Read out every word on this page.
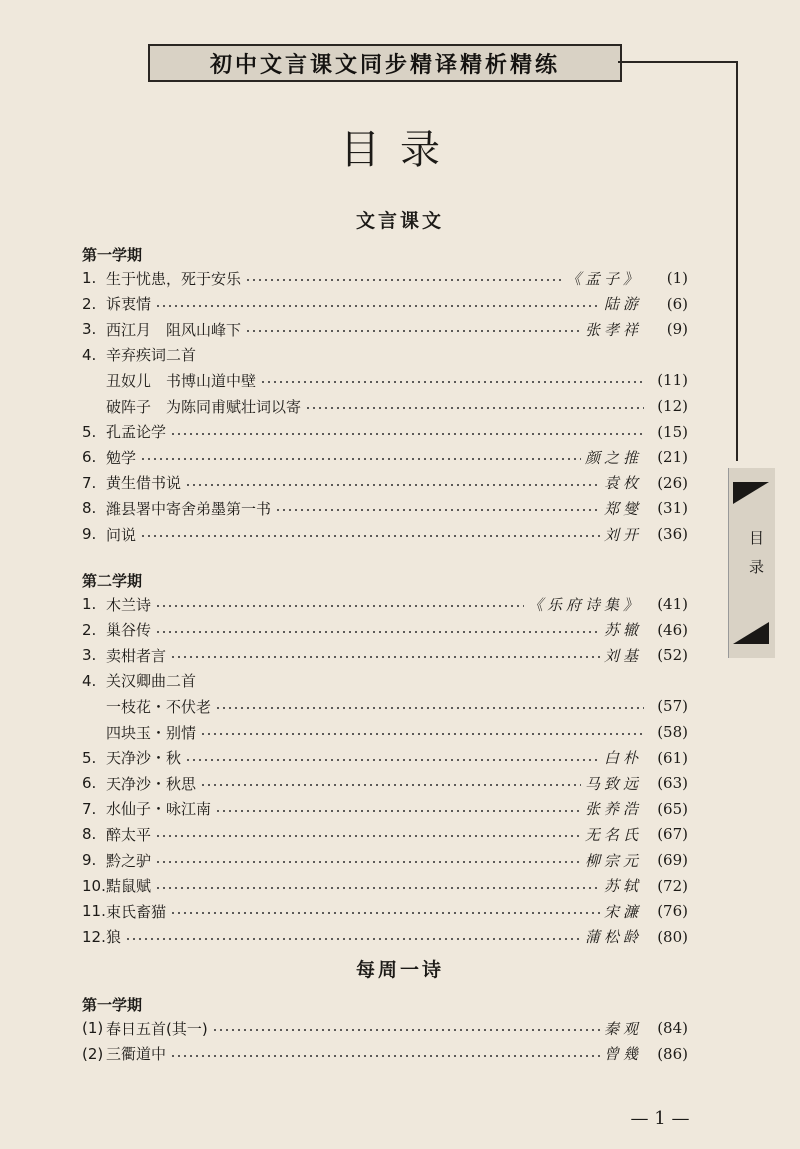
初中文言课文同步精译精析精练
目录
目录
文言课文
第一学期
1. 生于忧患，死于安乐	《孟子》	(1)
2. 诉衷情	陆游	(6)
3. 西江月　阻风山峰下	张孝祥	(9)
4. 辛弃疾词二首
丑奴儿　书博山道中壁	(11)
破阵子　为陈同甫赋壮词以寄	(12)
5. 孔孟论学	(15)
6. 勉学	颜之推	(21)
7. 黄生借书说	袁枚	(26)
8. 潍县署中寄舍弟墨第一书	郑燮	(31)
9. 问说	刘开	(36)
第二学期
1. 木兰诗	《乐府诗集》	(41)
2. 巢谷传	苏辙	(46)
3. 卖柑者言	刘基	(52)
4. 关汉卿曲二首
一枝花・不伏老	(57)
四块玉・别情	(58)
5. 天净沙・秋	白朴	(61)
6. 天净沙・秋思	马致远	(63)
7. 水仙子・咏江南	张养浩	(65)
8. 醉太平	无名氏	(67)
9. 黔之驴	柳宗元	(69)
10. 黠鼠赋	苏轼	(72)
11. 束氏畜猫	宋濂	(76)
12. 狼	蒲松龄	(80)
每周一诗
第一学期
(1) 春日五首(其一)	秦观	(84)
(2) 三衢道中	曾幾	(86)
— 1 —
